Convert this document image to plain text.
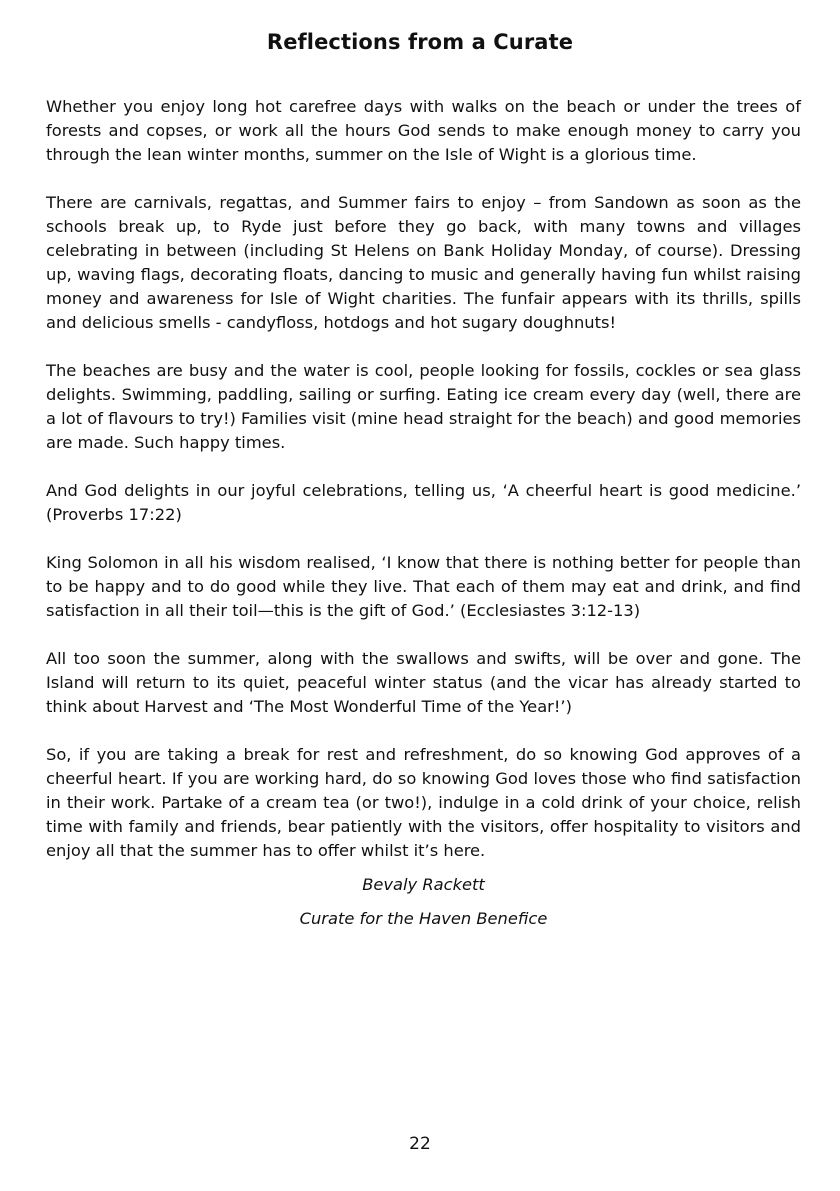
Reflections from a Curate

Whether you enjoy long hot carefree days with walks on the beach or under the trees of forests and copses, or work all the hours God sends to make enough money to carry you through the lean winter months, summer on the Isle of Wight is a glorious time.

There are carnivals, regattas, and Summer fairs to enjoy – from Sandown as soon as the schools break up, to Ryde just before they go back, with many towns and villages celebrating in between (including St Helens on Bank Holiday Monday, of course). Dressing up, waving flags, decorating floats, dancing to music and generally having fun whilst raising money and awareness for Isle of Wight charities. The funfair appears with its thrills, spills and delicious smells - candyfloss, hotdogs and hot sugary doughnuts!

The beaches are busy and the water is cool, people looking for fossils, cockles or sea glass delights. Swimming, paddling, sailing or surfing. Eating ice cream every day (well, there are a lot of flavours to try!) Families visit (mine head straight for the beach) and good memories are made. Such happy times.

And God delights in our joyful celebrations, telling us, ‘A cheerful heart is good medicine.’ (Proverbs 17:22)

King Solomon in all his wisdom realised, ‘I know that there is nothing better for people than to be happy and to do good while they live. That each of them may eat and drink, and find satisfaction in all their toil—this is the gift of God.’ (Ecclesiastes 3:12-13)

All too soon the summer, along with the swallows and swifts, will be over and gone. The Island will return to its quiet, peaceful winter status (and the vicar has already started to think about Harvest and ‘The Most Wonderful Time of the Year!’)

So, if you are taking a break for rest and refreshment, do so knowing God approves of a cheerful heart. If you are working hard, do so knowing God loves those who find satisfaction in their work. Partake of a cream tea (or two!), indulge in a cold drink of your choice, relish time with family and friends, bear patiently with the visitors, offer hospitality to visitors and enjoy all that the summer has to offer whilst it’s here.

Bevaly Rackett

Curate for the Haven Benefice

22
